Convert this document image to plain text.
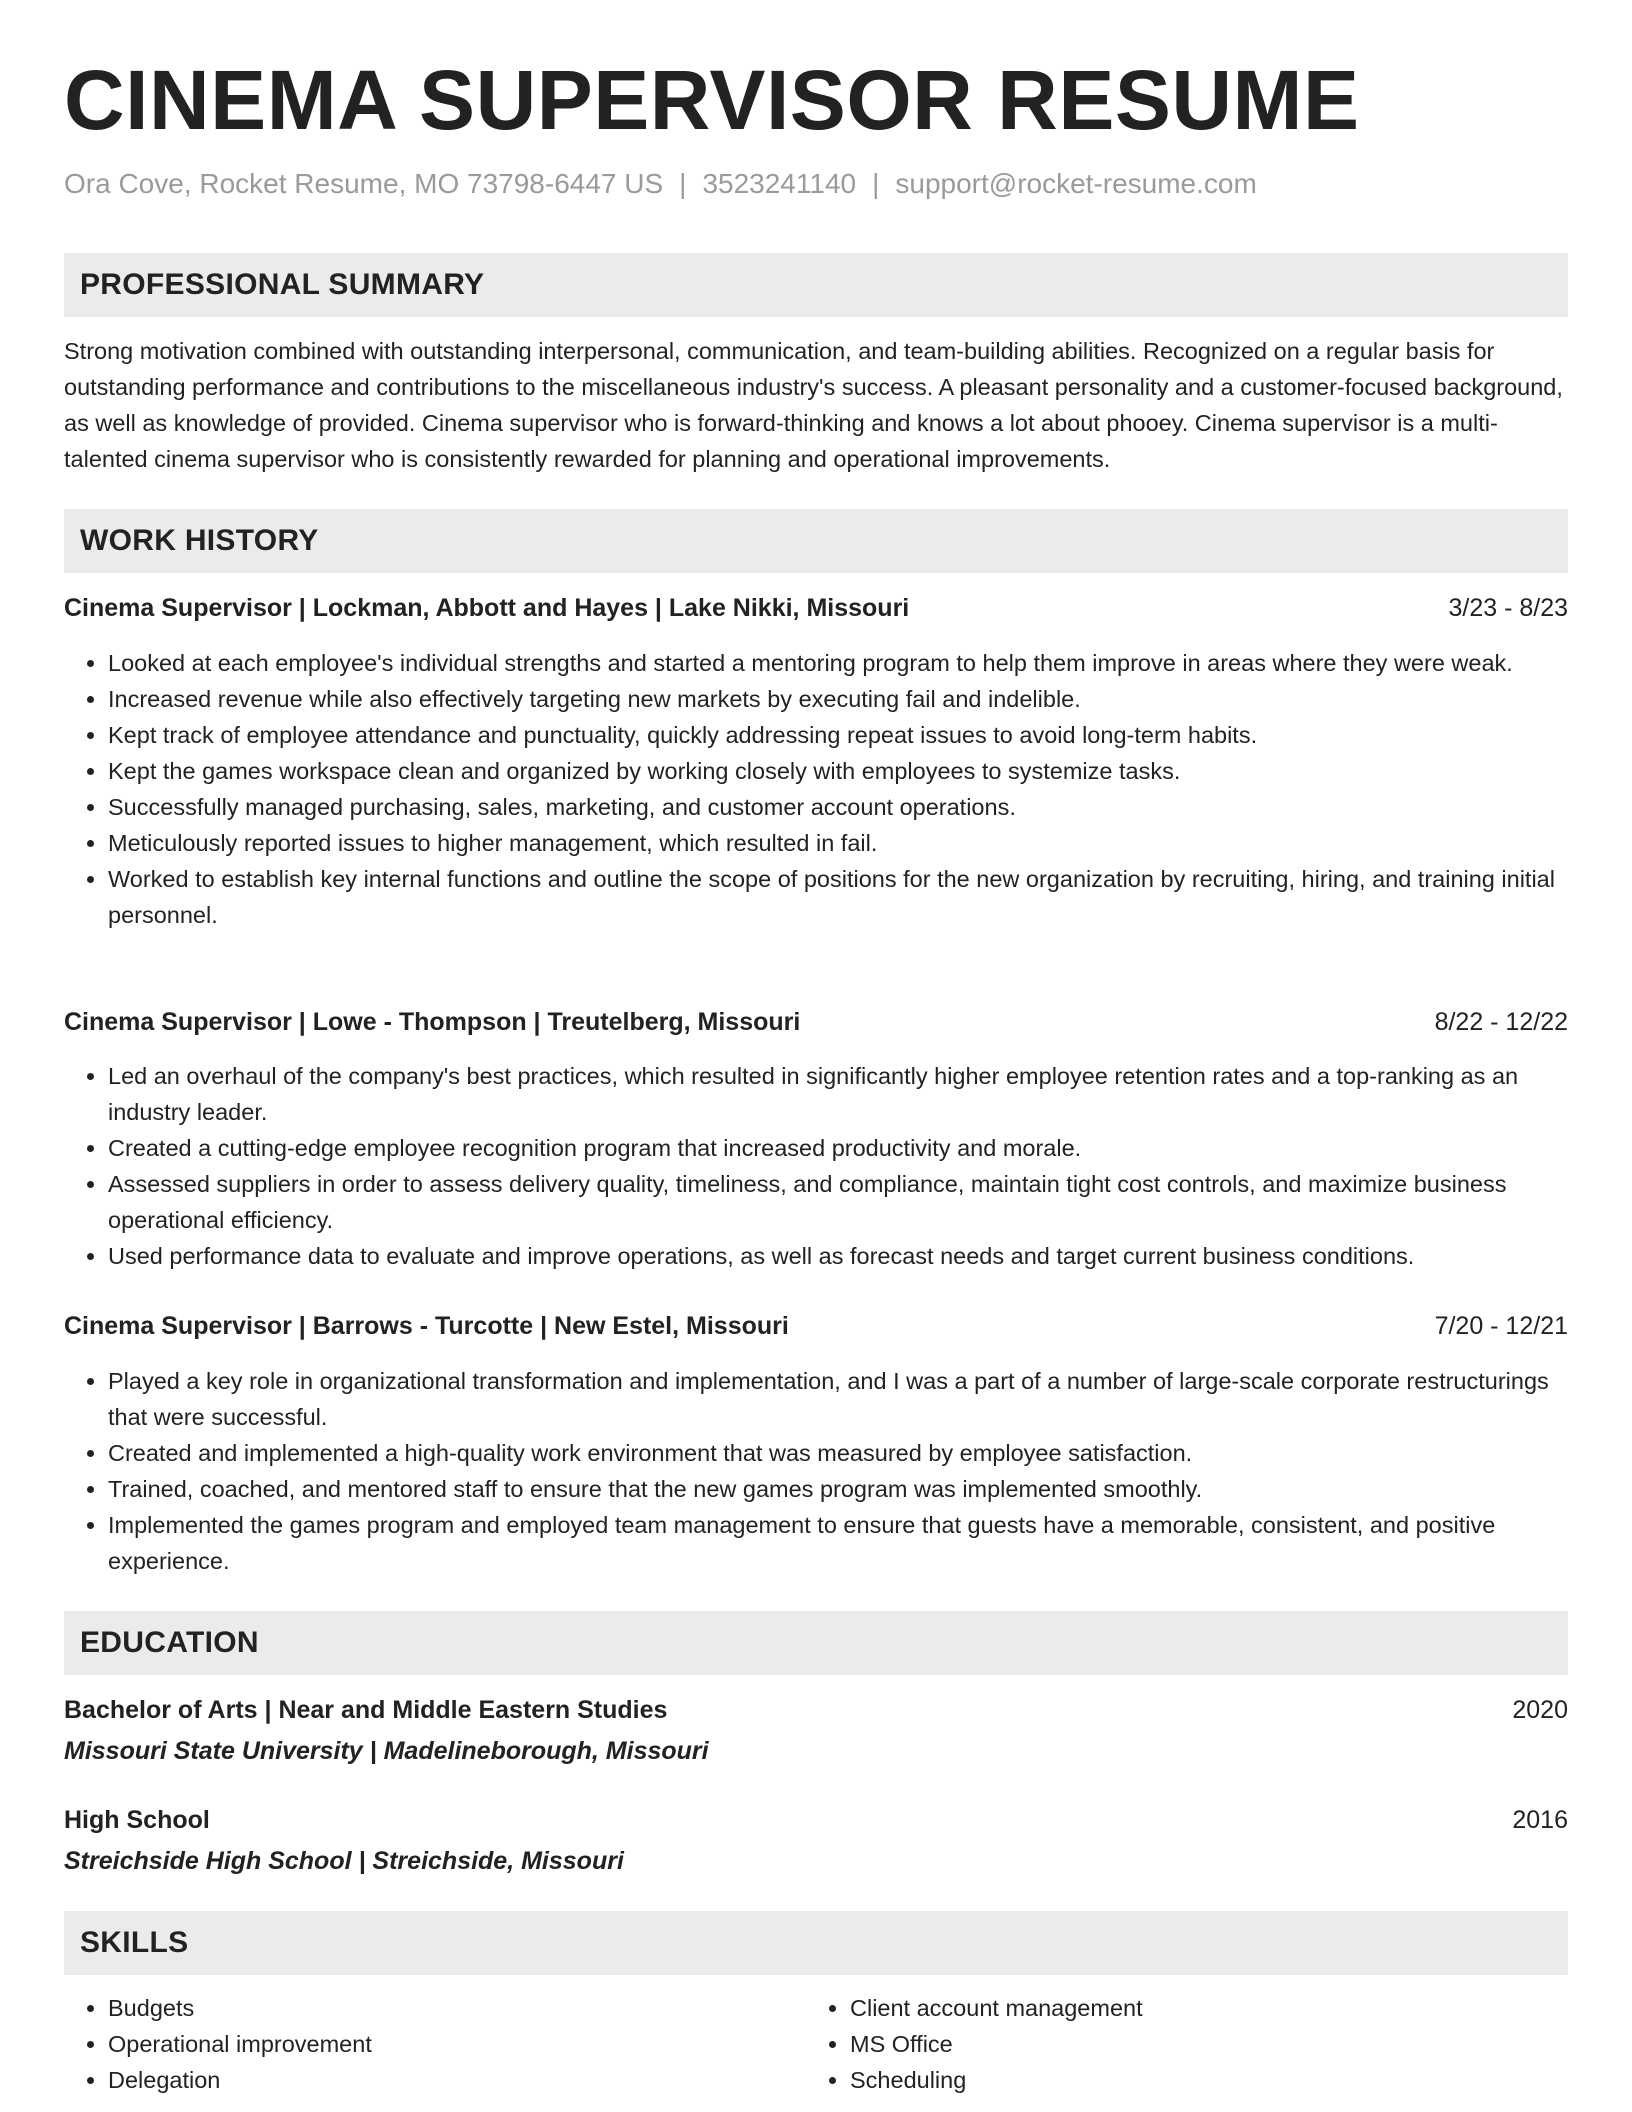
CINEMA SUPERVISOR RESUME
Ora Cove, Rocket Resume, MO 73798-6447 US | 3523241140 | support@rocket-resume.com
PROFESSIONAL SUMMARY

Strong motivation combined with outstanding interpersonal, communication, and team-building abilities. Recognized on a regular basis for outstanding performance and contributions to the miscellaneous industry's success. A pleasant personality and a customer-focused background, as well as knowledge of provided. Cinema supervisor who is forward-thinking and knows a lot about phooey. Cinema supervisor is a multi-talented cinema supervisor who is consistently rewarded for planning and operational improvements.

WORK HISTORY
Cinema Supervisor | Lockman, Abbott and Hayes | Lake Nikki, Missouri	3/23 - 8/23
• Looked at each employee's individual strengths and started a mentoring program to help them improve in areas where they were weak.
• Increased revenue while also effectively targeting new markets by executing fail and indelible.
• Kept track of employee attendance and punctuality, quickly addressing repeat issues to avoid long-term habits.
• Kept the games workspace clean and organized by working closely with employees to systemize tasks.
• Successfully managed purchasing, sales, marketing, and customer account operations.
• Meticulously reported issues to higher management, which resulted in fail.
• Worked to establish key internal functions and outline the scope of positions for the new organization by recruiting, hiring, and training initial personnel.
Cinema Supervisor | Lowe - Thompson | Treutelberg, Missouri	8/22 - 12/22
• Led an overhaul of the company's best practices, which resulted in significantly higher employee retention rates and a top-ranking as an industry leader.
• Created a cutting-edge employee recognition program that increased productivity and morale.
• Assessed suppliers in order to assess delivery quality, timeliness, and compliance, maintain tight cost controls, and maximize business operational efficiency.
• Used performance data to evaluate and improve operations, as well as forecast needs and target current business conditions.
Cinema Supervisor | Barrows - Turcotte | New Estel, Missouri	7/20 - 12/21
• Played a key role in organizational transformation and implementation, and I was a part of a number of large-scale corporate restructurings that were successful.
• Created and implemented a high-quality work environment that was measured by employee satisfaction.
• Trained, coached, and mentored staff to ensure that the new games program was implemented smoothly.
• Implemented the games program and employed team management to ensure that guests have a memorable, consistent, and positive experience.
EDUCATION
Bachelor of Arts | Near and Middle Eastern Studies	2020
Missouri State University | Madelineborough, Missouri
High School	2016
Streichside High School | Streichside, Missouri
SKILLS
• Budgets
• Operational improvement
• Delegation
• Client account management
• MS Office
• Scheduling
